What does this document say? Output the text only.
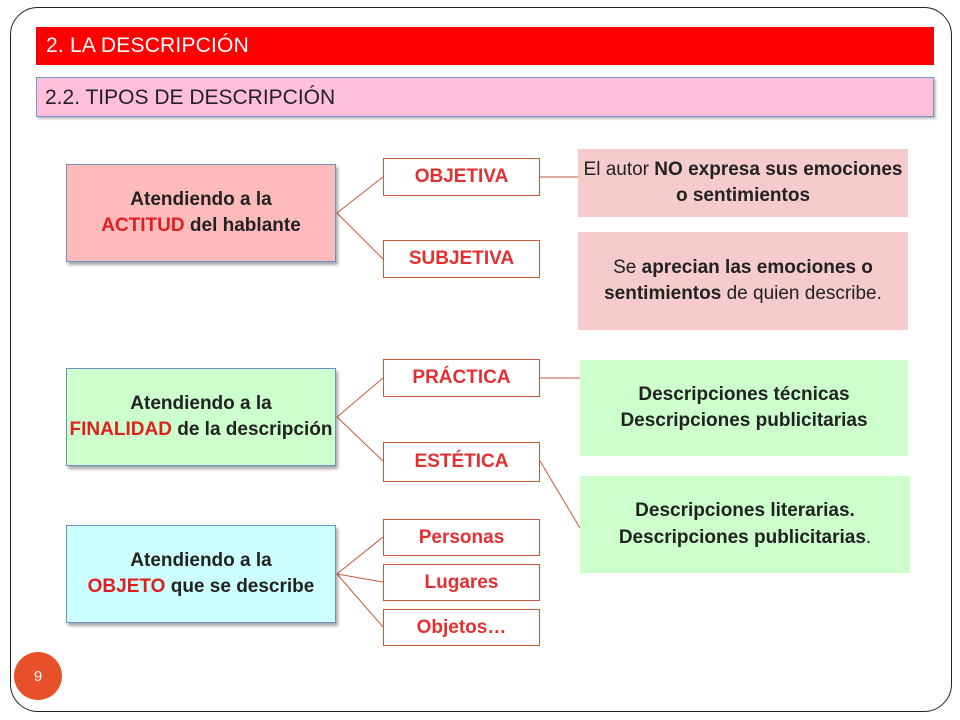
2. LA DESCRIPCIÓN
2.2. TIPOS DE DESCRIPCIÓN
Atendiendo a la
ACTITUD del hablante
Atendiendo a la
FINALIDAD de la descripción
Atendiendo a la
OBJETO que se describe
OBJETIVA
SUBJETIVA
PRÁCTICA
ESTÉTICA
Personas
Lugares
Objetos…
El autor NO expresa sus emociones o sentimientos
Se aprecian las emociones o sentimientos de quien describe.
Descripciones técnicas
Descripciones publicitarias
Descripciones literarias.
Descripciones publicitarias.
9
